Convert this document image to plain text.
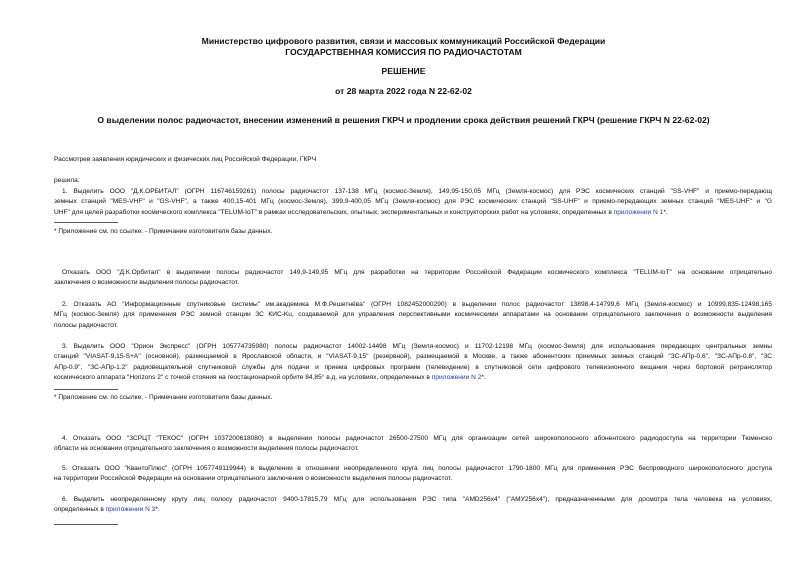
Министерство цифрового развития, связи и массовых коммуникаций Российской Федерации
ГОСУДАРСТВЕННАЯ КОМИССИЯ ПО РАДИОЧАСТОТАМ
РЕШЕНИЕ
от 28 марта 2022 года N 22-62-02
О выделении полос радиочастот, внесении изменений в решения ГКРЧ и продлении срока действия решений ГКРЧ (решение ГКРЧ N 22-62-02)
Рассмотрев заявления юридических и физических лиц Российской Федерации, ГКРЧ
решила:
1. Выделить ООО "Д.К.ОРБИТАЛ" (ОГРН 116746159261) полосы радиочастот 137-138 МГц (космос-Земля), 149,95-150,05 МГц (Земля-космос) для РЭС космических станций "SS-VHF" и приемо-передающ
земных станций "MES-VHF" и "GS-VHF", а также 400,15-401 МГц (космос-Земля), 399,9-400,05 МГц (Земля-космос) для РЭС космических станций "SS-UHF" и приемо-передающих земных станций "MES-UHF" и "G
UHF" для целей разработки космического комплекса "TELUM-IoT" в рамках исследовательских, опытных, экспериментальных и конструкторских работ на условиях, определенных в приложении N 1*.
* Приложение см. по ссылке. - Примечание изготовителя базы данных.
Отказать ООО "Д.К.Орбитал" в выделении полосы радиочастот 149,9-149,95 МГц для разработки на территории Российской Федерации космического комплекса "TELUM-IoT" на основании отрицательно
заключения о возможности выделения полосы радиочастот.
2. Отказать АО "Информационные спутниковые системы" им.академика М.Ф.Решетнёва" (ОГРН 1082452000290) в выделении полос радиочастот 13898,4-14799,6 МГц (Земля-космос) и 10999,835-12498,165
МГц (космос-Земля) для применения РЭС земной станции ЗС КИС-Ku, создаваемой для управления перспективными космическими аппаратами на основании отрицательного заключения о возможности выделения
полосы радиочастот.
3. Выделить ООО "Орион Экспресс" (ОГРН 105774735980) полосы радиочастот 14002-14498 МГц (Земля-космос) и 11702-12198 МГц (космос-Земля) для использования передающих центральных земны
станций "VIASAT-9,15-S+A" (основной), размещаемой в Ярославской области, и "VIASAT-9,15" (резервной), размещаемой в Москве, а также абонентских приемных земных станций "ЗС-АПр-0.6", "ЗС-АПр-0.8", "ЗС
АПр-0.9", "ЗС-АПр-1.2" радиовещательной спутниковой службы для подачи и приема цифровых программ (телевидение) в спутниковой сети цифрового телевизионного вещания через бортовой ретранслятор
космического аппарата "Horizons 2" с точкой стояния на геостационарной орбите 84,85° в.д. на условиях, определенных в приложении N 2*.
* Приложение см. по ссылке. - Примечание изготовителя базы данных.
4. Отказать ООО "ЗСРЦТ "ТЕКОС" (ОГРН 1037200618080) в выделении полосы радиочастот 26500-27500 МГц для организации сетей широкополосного абонентского радиодоступа на территории Тюменско
области на основании отрицательного заключения о возможности выделения полосы радиочастот.
5. Отказать ООО "КвантоПлюс" (ОГРН 1057749119944) в выделении в отношении неопределенного круга лиц полосы радиочастот 1790-1800 МГц для применения РЭС беспроводного широкополосного доступа
на территории Российской Федерации на основании отрицательного заключения о возможности выделения полосы радиочастот.
6. Выделить неопределенному кругу лиц полосу радиочастот 9400-17815,79 МГц для использования РЭС типа "AMD256x4" ("AMУ256x4"), предназначенными для досмотра тела человека на условиях,
определенных в приложении N 3*.
